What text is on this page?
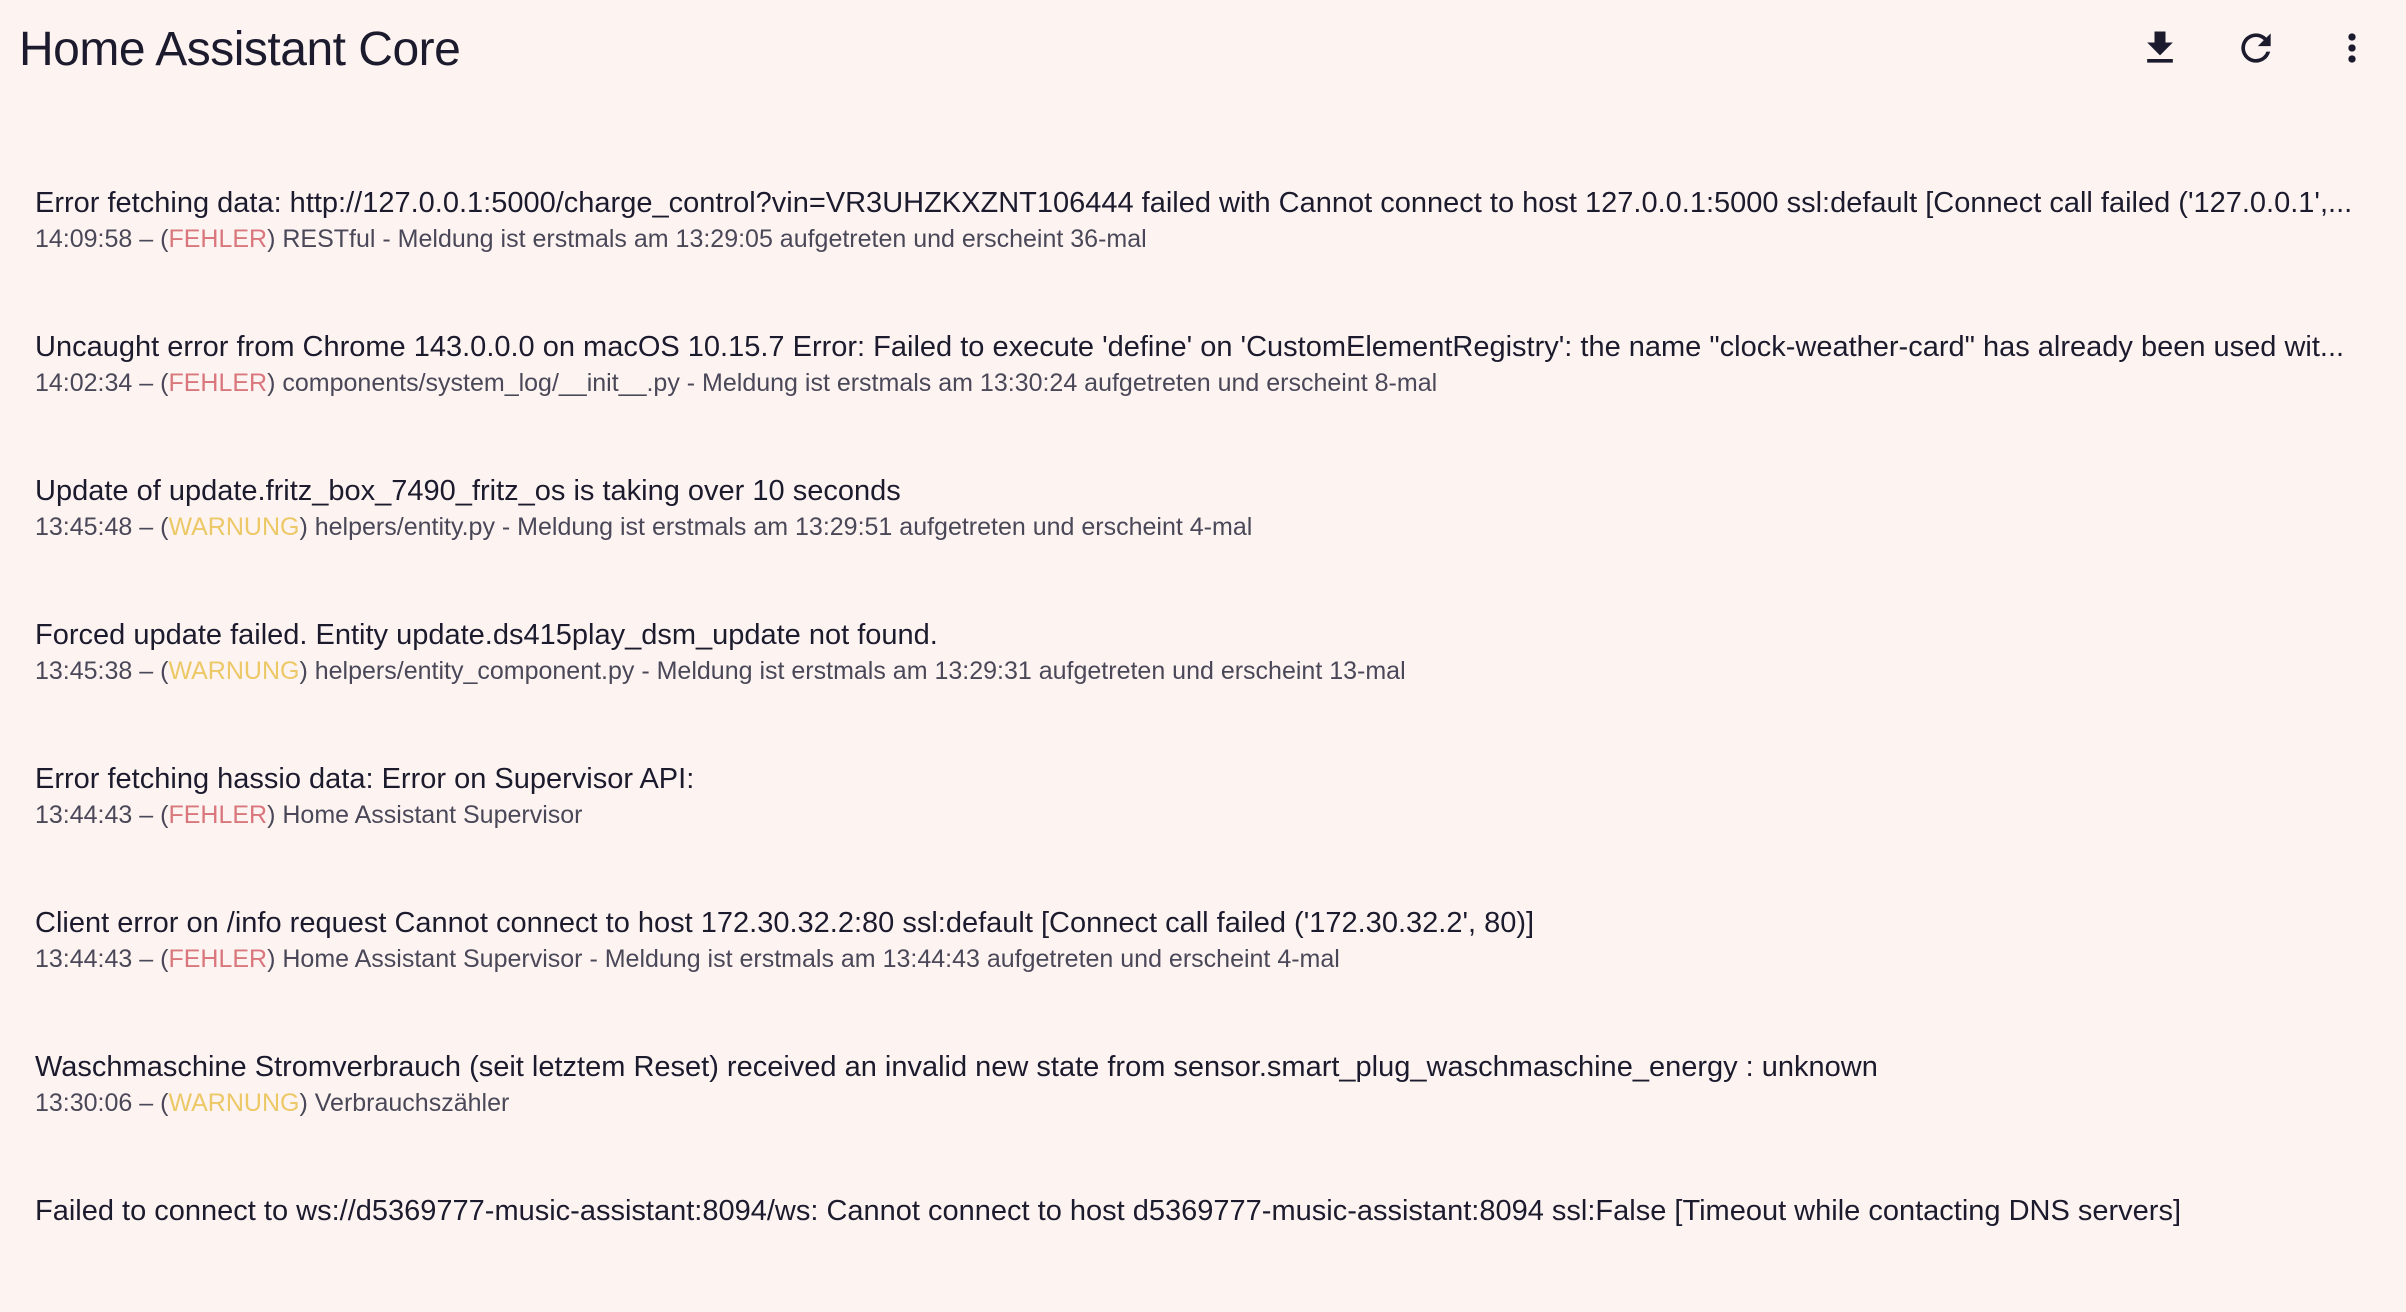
Home Assistant Core
Error fetching data: http://127.0.0.1:5000/charge_control?vin=VR3UHZKXZNT106444 failed with Cannot connect to host 127.0.0.1:5000 ssl:default [Connect call failed ('127.0.0.1',...
14:09:58 – (FEHLER) RESTful - Meldung ist erstmals am 13:29:05 aufgetreten und erscheint 36-mal
Uncaught error from Chrome 143.0.0.0 on macOS 10.15.7 Error: Failed to execute 'define' on 'CustomElementRegistry': the name "clock-weather-card" has already been used wit...
14:02:34 – (FEHLER) components/system_log/__init__.py - Meldung ist erstmals am 13:30:24 aufgetreten und erscheint 8-mal
Update of update.fritz_box_7490_fritz_os is taking over 10 seconds
13:45:48 – (WARNUNG) helpers/entity.py - Meldung ist erstmals am 13:29:51 aufgetreten und erscheint 4-mal
Forced update failed. Entity update.ds415play_dsm_update not found.
13:45:38 – (WARNUNG) helpers/entity_component.py - Meldung ist erstmals am 13:29:31 aufgetreten und erscheint 13-mal
Error fetching hassio data: Error on Supervisor API:
13:44:43 – (FEHLER) Home Assistant Supervisor
Client error on /info request Cannot connect to host 172.30.32.2:80 ssl:default [Connect call failed ('172.30.32.2', 80)]
13:44:43 – (FEHLER) Home Assistant Supervisor - Meldung ist erstmals am 13:44:43 aufgetreten und erscheint 4-mal
Waschmaschine Stromverbrauch (seit letztem Reset) received an invalid new state from sensor.smart_plug_waschmaschine_energy : unknown
13:30:06 – (WARNUNG) Verbrauchszähler
Failed to connect to ws://d5369777-music-assistant:8094/ws: Cannot connect to host d5369777-music-assistant:8094 ssl:False [Timeout while contacting DNS servers]
